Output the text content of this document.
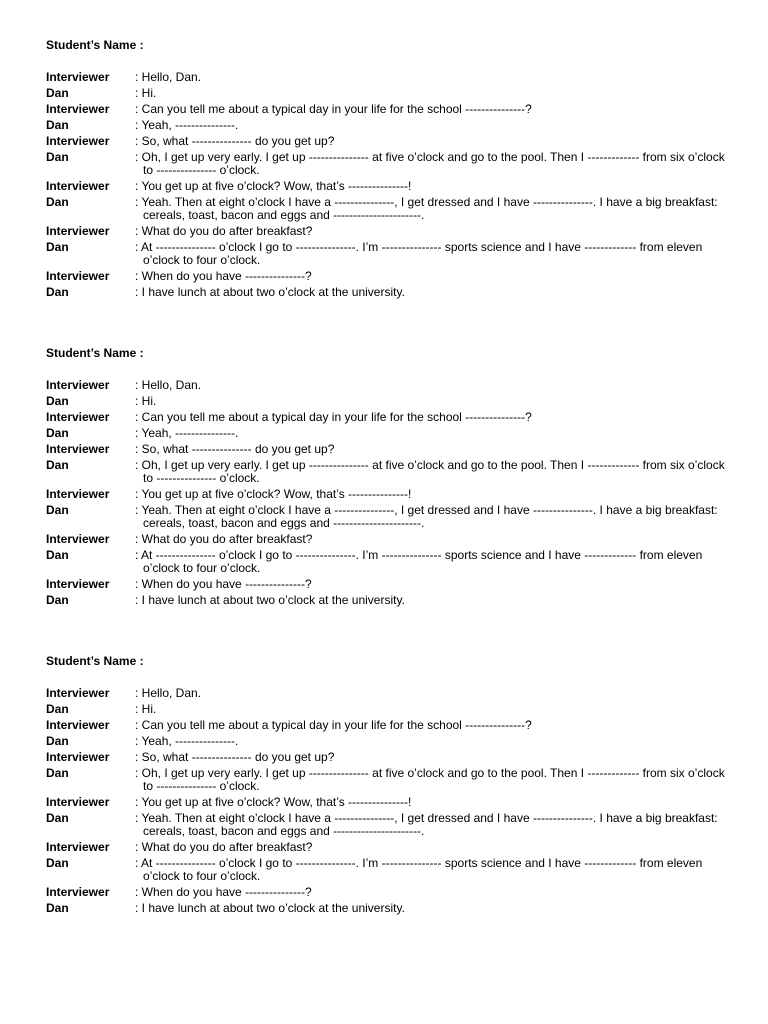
Student’s Name :

Interviewer	: Hello, Dan.
Dan	: Hi.
Interviewer	: Can you tell me about a typical day in your life for the school ---------------?
Dan	: Yeah, ---------------.
Interviewer	: So, what --------------- do you get up?
Dan	: Oh, I get up very early. I get up --------------- at five o’clock and go to the pool. Then I ------------- from six o’clock to --------------- o’clock.
Interviewer	: You get up at five o’clock? Wow, that’s ---------------!
Dan	: Yeah. Then at eight o’clock I have a ---------------, I get dressed and I have ---------------. I have a big breakfast: cereals, toast, bacon and eggs and ----------------------.
Interviewer	: What do you do after breakfast?
Dan	: At --------------- o’clock I go to ---------------. I’m --------------- sports science and I have ------------- from eleven o’clock to four o’clock.
Interviewer	: When do you have ---------------?
Dan	: I have lunch at about two o’clock at the university.

Student’s Name :

Interviewer	: Hello, Dan.
Dan	: Hi.
Interviewer	: Can you tell me about a typical day in your life for the school ---------------?
Dan	: Yeah, ---------------.
Interviewer	: So, what --------------- do you get up?
Dan	: Oh, I get up very early. I get up --------------- at five o’clock and go to the pool. Then I ------------- from six o’clock to --------------- o’clock.
Interviewer	: You get up at five o’clock? Wow, that’s ---------------!
Dan	: Yeah. Then at eight o’clock I have a ---------------, I get dressed and I have ---------------. I have a big breakfast: cereals, toast, bacon and eggs and ----------------------.
Interviewer	: What do you do after breakfast?
Dan	: At --------------- o’clock I go to ---------------. I’m --------------- sports science and I have ------------- from eleven o’clock to four o’clock.
Interviewer	: When do you have ---------------?
Dan	: I have lunch at about two o’clock at the university.

Student’s Name :

Interviewer	: Hello, Dan.
Dan	: Hi.
Interviewer	: Can you tell me about a typical day in your life for the school ---------------?
Dan	: Yeah, ---------------.
Interviewer	: So, what --------------- do you get up?
Dan	: Oh, I get up very early. I get up --------------- at five o’clock and go to the pool. Then I ------------- from six o’clock to --------------- o’clock.
Interviewer	: You get up at five o’clock? Wow, that’s ---------------!
Dan	: Yeah. Then at eight o’clock I have a ---------------, I get dressed and I have ---------------. I have a big breakfast: cereals, toast, bacon and eggs and ----------------------.
Interviewer	: What do you do after breakfast?
Dan	: At --------------- o’clock I go to ---------------. I’m --------------- sports science and I have ------------- from eleven o’clock to four o’clock.
Interviewer	: When do you have ---------------?
Dan	: I have lunch at about two o’clock at the university.
